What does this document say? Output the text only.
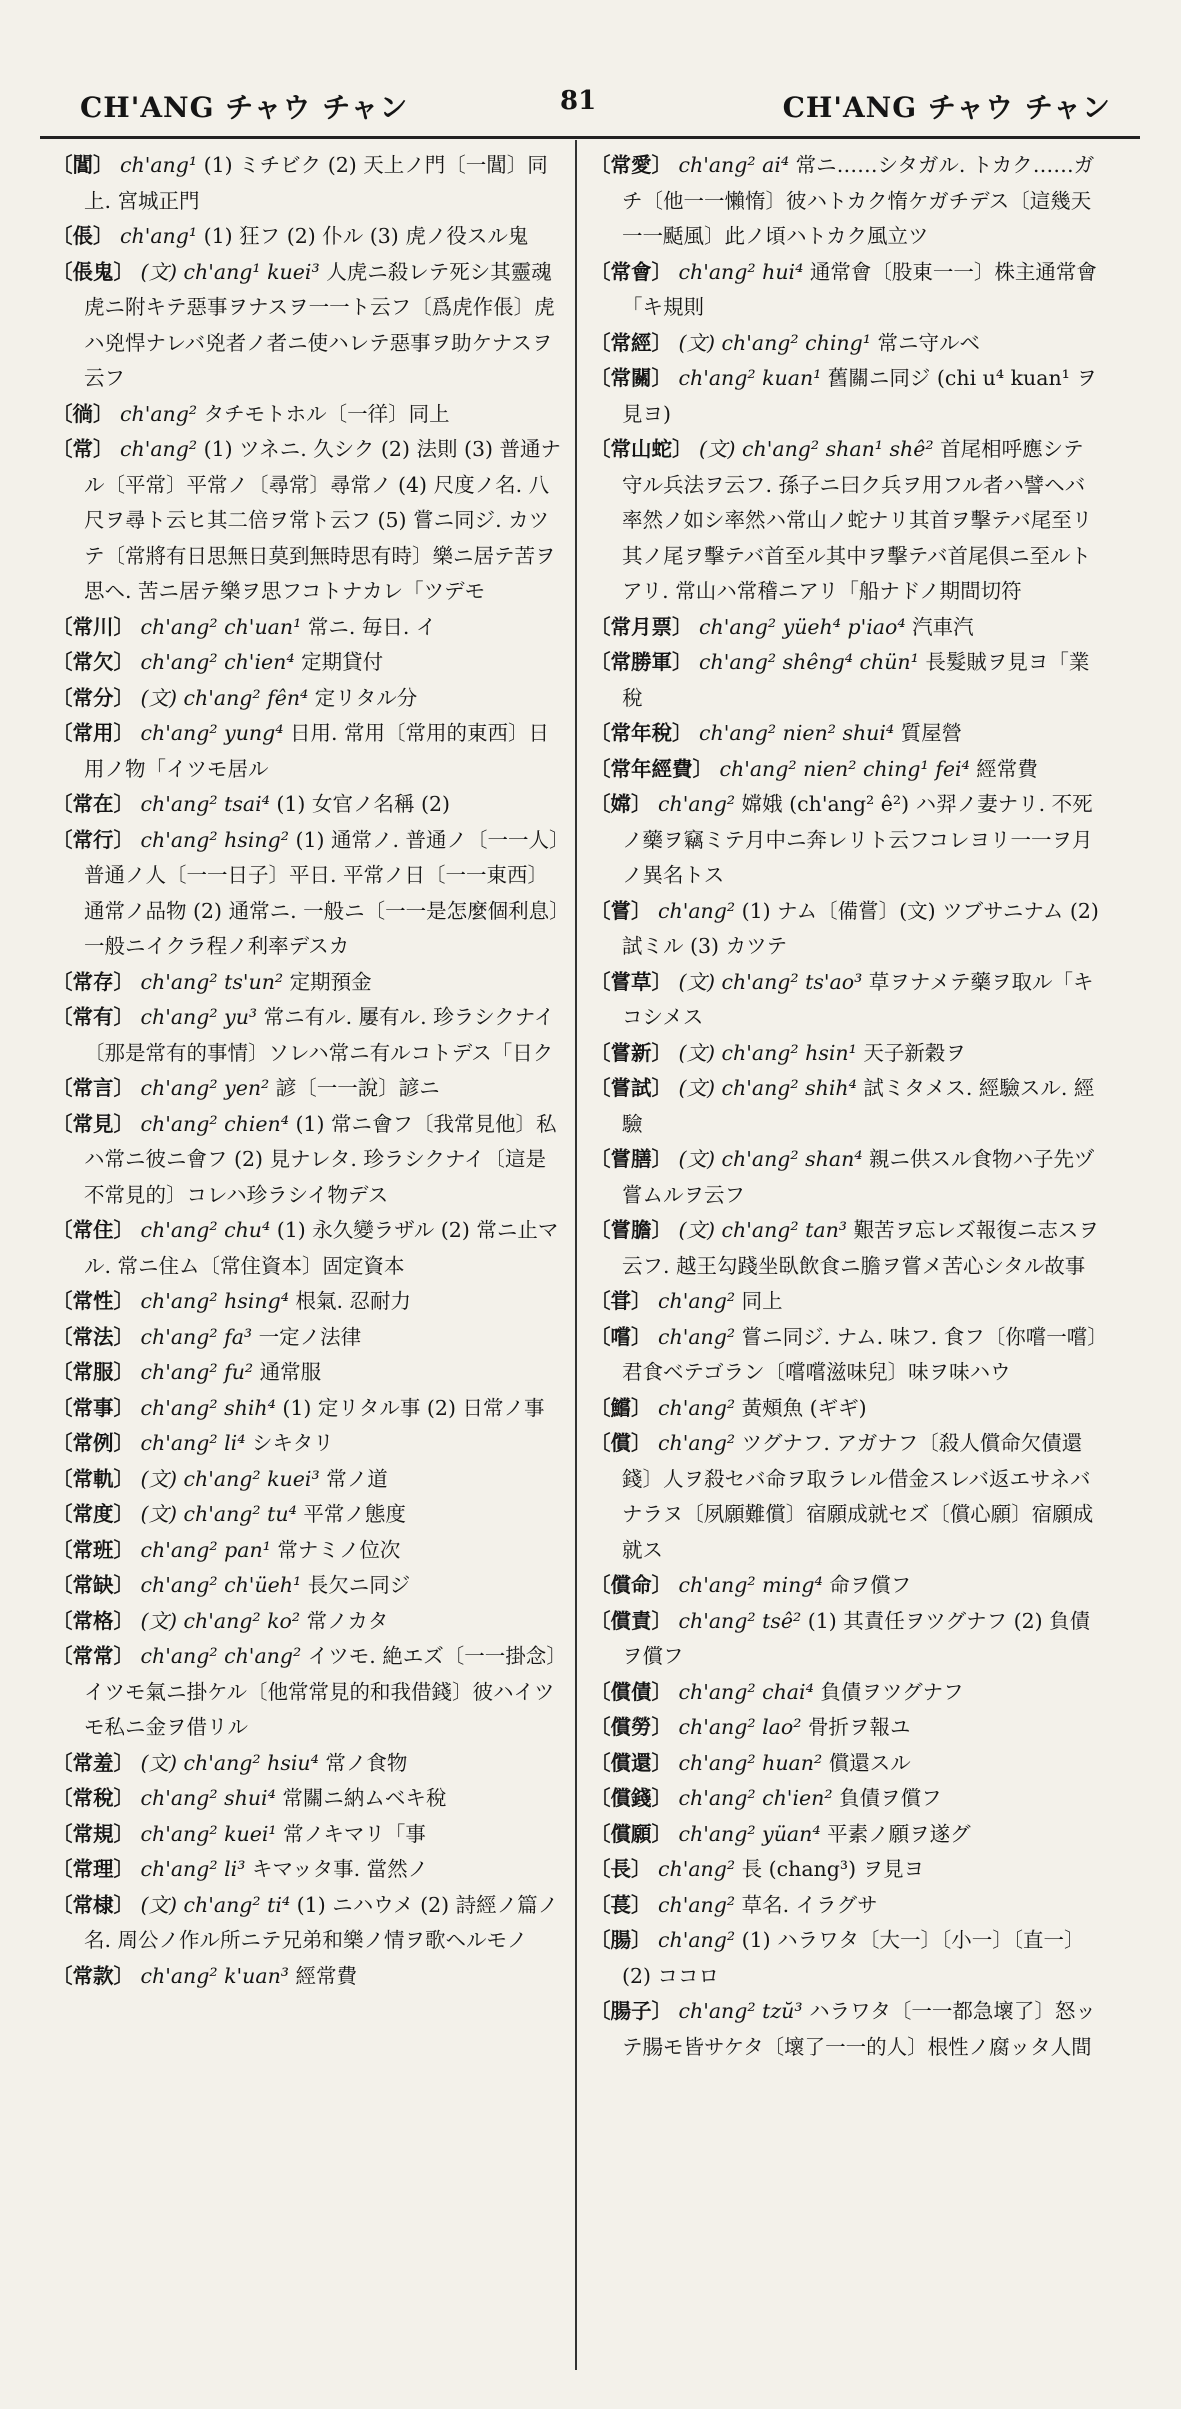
CH'ANG チャウ チャン	81	CH'ANG チャウ チャン

〔閶〕 ch'ang¹ (1) ミチビク (2) 天上ノ門〔一閶〕同上. 宮城正門

〔倀〕 ch'ang¹ (1) 狂フ (2) 仆ル (3) 虎ノ役スル鬼

〔倀鬼〕 (文) ch'ang¹ kuei³ 人虎ニ殺レテ死シ其靈魂虎ニ附キテ惡事ヲナスヲ一一ト云フ〔爲虎作倀〕虎ハ兇悍ナレバ兇者ノ者ニ使ハレテ惡事ヲ助ケナスヲ云フ

〔徜〕 ch'ang² タチモトホル〔一徉〕同上

〔常〕 ch'ang² (1) ツネニ. 久シク (2) 法則 (3) 普通ナル〔平常〕平常ノ〔尋常〕尋常ノ (4) 尺度ノ名. 八尺ヲ尋ト云ヒ其二倍ヲ常ト云フ (5) 嘗ニ同ジ. カツテ〔常將有日思無日莫到無時思有時〕樂ニ居テ苦ヲ思ヘ. 苦ニ居テ樂ヲ思フコトナカレ「ツデモ

〔常川〕 ch'ang² ch'uan¹ 常ニ. 毎日. イ

〔常欠〕 ch'ang² ch'ien⁴ 定期貸付

〔常分〕 (文) ch'ang² fên⁴ 定リタル分

〔常用〕 ch'ang² yung⁴ 日用. 常用〔常用的東西〕日用ノ物「イツモ居ル

〔常在〕 ch'ang² tsai⁴ (1) 女官ノ名稱 (2)

〔常行〕 ch'ang² hsing² (1) 通常ノ. 普通ノ〔一一人〕普通ノ人〔一一日子〕平日. 平常ノ日〔一一東西〕通常ノ品物 (2) 通常ニ. 一般ニ〔一一是怎麼個利息〕一般ニイクラ程ノ利率デスカ

〔常存〕 ch'ang² ts'un² 定期預金

〔常有〕 ch'ang² yu³ 常ニ有ル. 屢有ル. 珍ラシクナイ〔那是常有的事情〕ソレハ常ニ有ルコトデス「日ク

〔常言〕 ch'ang² yen² 諺〔一一說〕諺ニ

〔常見〕 ch'ang² chien⁴ (1) 常ニ會フ〔我常見他〕私ハ常ニ彼ニ會フ (2) 見ナレタ. 珍ラシクナイ〔這是不常見的〕コレハ珍ラシイ物デス

〔常住〕 ch'ang² chu⁴ (1) 永久變ラザル (2) 常ニ止マル. 常ニ住ム〔常住資本〕固定資本

〔常性〕 ch'ang² hsing⁴ 根氣. 忍耐力

〔常法〕 ch'ang² fa³ 一定ノ法律

〔常服〕 ch'ang² fu² 通常服

〔常事〕 ch'ang² shih⁴ (1) 定リタル事 (2) 日常ノ事

〔常例〕 ch'ang² li⁴ シキタリ

〔常軌〕 (文) ch'ang² kuei³ 常ノ道

〔常度〕 (文) ch'ang² tu⁴ 平常ノ態度

〔常班〕 ch'ang² pan¹ 常ナミノ位次

〔常缺〕 ch'ang² ch'üeh¹ 長欠ニ同ジ

〔常格〕 (文) ch'ang² ko² 常ノカタ

〔常常〕 ch'ang² ch'ang² イツモ. 絶エズ〔一一掛念〕イツモ氣ニ掛ケル〔他常常見的和我借錢〕彼ハイツモ私ニ金ヲ借リル

〔常羞〕 (文) ch'ang² hsiu⁴ 常ノ食物

〔常稅〕 ch'ang² shui⁴ 常關ニ納ムベキ稅

〔常規〕 ch'ang² kuei¹ 常ノキマリ「事

〔常理〕 ch'ang² li³ キマッタ事. 當然ノ

〔常棣〕 (文) ch'ang² ti⁴ (1) ニハウメ (2) 詩經ノ篇ノ名. 周公ノ作ル所ニテ兄弟和樂ノ情ヲ歌ヘルモノ

〔常款〕 ch'ang² k'uan³ 經常費

〔常愛〕 ch'ang² ai⁴ 常ニ……シタガル. トカク……ガチ〔他一一懶惰〕彼ハトカク惰ケガチデス〔這幾天一一颳風〕此ノ頃ハトカク風立ツ

〔常會〕 ch'ang² hui⁴ 通常會〔股東一一〕株主通常會「キ規則

〔常經〕 (文) ch'ang² ching¹ 常ニ守ルベ

〔常關〕 ch'ang² kuan¹ 舊關ニ同ジ (chi u⁴ kuan¹ ヲ見ヨ)

〔常山蛇〕 (文) ch'ang² shan¹ shê² 首尾相呼應シテ守ル兵法ヲ云フ. 孫子ニ曰ク兵ヲ用フル者ハ譬ヘバ率然ノ如シ率然ハ常山ノ蛇ナリ其首ヲ擊テバ尾至リ其ノ尾ヲ擊テバ首至ル其中ヲ擊テバ首尾倶ニ至ルトアリ. 常山ハ常稽ニアリ「船ナドノ期間切符

〔常月票〕 ch'ang² yüeh⁴ p'iao⁴ 汽車汽

〔常勝軍〕 ch'ang² shêng⁴ chün¹ 長髮賊ヲ見ヨ「業稅

〔常年稅〕 ch'ang² nien² shui⁴ 質屋營

〔常年經費〕 ch'ang² nien² ching¹ fei⁴ 經常費

〔嫦〕 ch'ang² 嫦娥 (ch'ang² ê²) ハ羿ノ妻ナリ. 不死ノ藥ヲ竊ミテ月中ニ奔レリト云フコレヨリ一一ヲ月ノ異名トス

〔嘗〕 ch'ang² (1) ナム〔備嘗〕(文) ツブサニナム (2) 試ミル (3) カツテ

〔嘗草〕 (文) ch'ang² ts'ao³ 草ヲナメテ藥ヲ取ル「キコシメス

〔嘗新〕 (文) ch'ang² hsin¹ 天子新穀ヲ

〔嘗試〕 (文) ch'ang² shih⁴ 試ミタメス. 經驗スル. 經驗

〔嘗膳〕 (文) ch'ang² shan⁴ 親ニ供スル食物ハ子先ヅ嘗ムルヲ云フ

〔嘗膽〕 (文) ch'ang² tan³ 艱苦ヲ忘レズ報復ニ志スヲ云フ. 越王勾踐坐臥飲食ニ膽ヲ嘗メ苦心シタル故事

〔甞〕 ch'ang² 同上

〔嚐〕 ch'ang² 嘗ニ同ジ. ナム. 味フ. 食フ〔你嚐一嚐〕君食ベテゴラン〔嚐嚐滋味兒〕味ヲ味ハウ

〔鱨〕 ch'ang² 黃頰魚 (ギギ)

〔償〕 ch'ang² ツグナフ. アガナフ〔殺人償命欠債還錢〕人ヲ殺セバ命ヲ取ラレル借金スレバ返エサネバナラヌ〔夙願難償〕宿願成就セズ〔償心願〕宿願成就ス

〔償命〕 ch'ang² ming⁴ 命ヲ償フ

〔償責〕 ch'ang² tsê² (1) 其責任ヲツグナフ (2) 負債ヲ償フ

〔償債〕 ch'ang² chai⁴ 負債ヲツグナフ

〔償勞〕 ch'ang² lao² 骨折ヲ報ユ

〔償還〕 ch'ang² huan² 償還スル

〔償錢〕 ch'ang² ch'ien² 負債ヲ償フ

〔償願〕 ch'ang² yüan⁴ 平素ノ願ヲ遂グ

〔長〕 ch'ang² 長 (chang³) ヲ見ヨ

〔萇〕 ch'ang² 草名. イラグサ

〔腸〕 ch'ang² (1) ハラワタ〔大一〕〔小一〕〔直一〕(2) ココロ

〔腸子〕 ch'ang² tzŭ³ ハラワタ〔一一都急壞了〕怒ッテ腸モ皆サケタ〔壞了一一的人〕根性ノ腐ッタ人間
